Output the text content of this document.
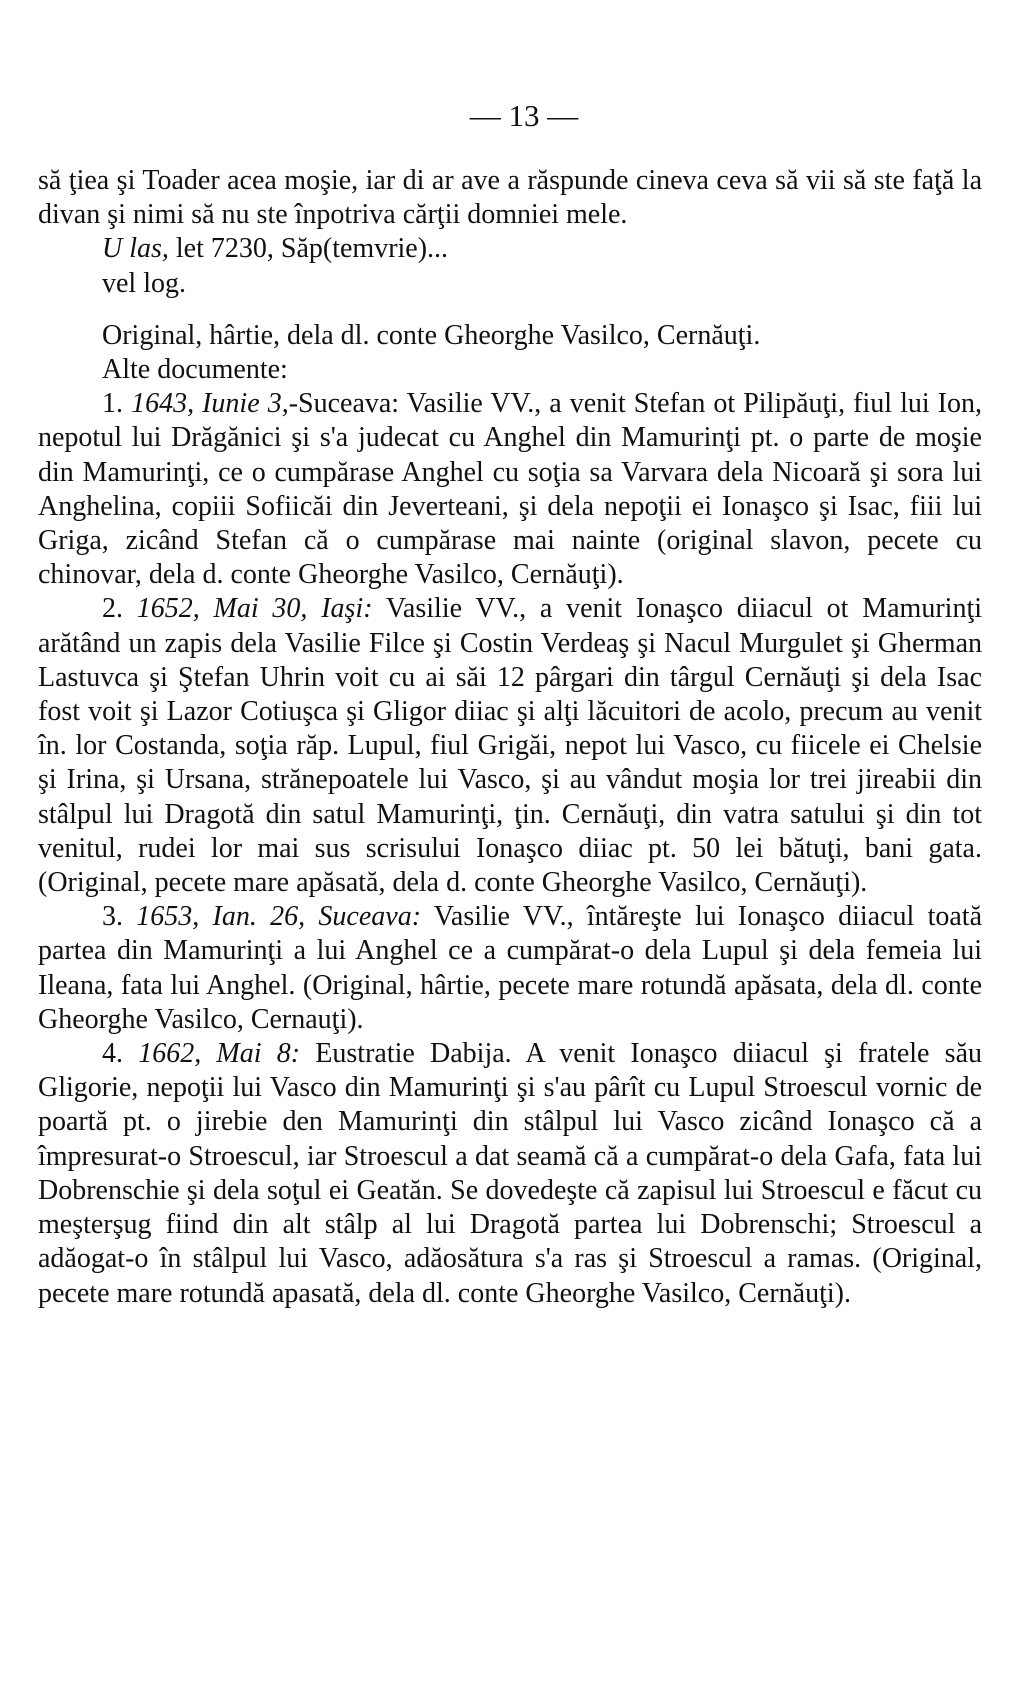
— 13 —

să ţiea şi Toader acea moşie, iar di ar ave a răspunde cineva ceva să vii să ste faţă la divan şi nimi să nu ste înpotriva cărţii domniei mele.

U las, let 7230, Săp(temvrie)...

vel log.

Original, hârtie, dela dl. conte Gheorghe Vasilco, Cernăuţi.

Alte documente:

1. 1643, Iunie 3,-Suceava: Vasilie VV., a venit Stefan ot Pilipăuţi, fiul lui Ion, nepotul lui Drăgănici şi s'a judecat cu Anghel din Mamurinţi pt. o parte de moşie din Mamurinţi, ce o cumpărase Anghel cu soţia sa Varvara dela Nicoară şi sora lui Anghelina, copiii Sofiicăi din Jeverteani, şi dela nepoţii ei Ionaşco şi Isac, fiii lui Griga, zicând Stefan că o cumpărase mai nainte (original slavon, pecete cu chinovar, dela d. conte Gheorghe Vasilco, Cernăuţi).

2. 1652, Mai 30, Iaşi: Vasilie VV., a venit Ionaşco diiacul ot Mamurinţi arătând un zapis dela Vasilie Filce şi Costin Verdeaş şi Nacul Murgulet şi Gherman Lastuvca şi Ştefan Uhrin voit cu ai săi 12 pârgari din târgul Cernăuţi şi dela Isac fost voit şi Lazor Cotiuşca şi Gligor diiac şi alţi lăcuitori de acolo, precum au venit în. lor Costanda, soţia răp. Lupul, fiul Grigăi, nepot lui Vasco, cu fiicele ei Chelsie şi Irina, şi Ursana, strănepoatele lui Vasco, şi au vândut moşia lor trei jireabii din stâlpul lui Dragotă din satul Mamurinţi, ţin. Cernăuţi, din vatra satului şi din tot venitul, rudei lor mai sus scrisului Ionaşco diiac pt. 50 lei bătuţi, bani gata. (Original, pecete mare apăsată, dela d. conte Gheorghe Vasilco, Cernăuţi).

3. 1653, Ian. 26, Suceava: Vasilie VV., întăreşte lui Ionaşco diiacul toată partea din Mamurinţi a lui Anghel ce a cumpărat-o dela Lupul şi dela femeia lui Ileana, fata lui Anghel. (Original, hârtie, pecete mare rotundă apăsata, dela dl. conte Gheorghe Vasilco, Cernauţi).

4. 1662, Mai 8: Eustratie Dabija. A venit Ionaşco diiacul şi fratele său Gligorie, nepoţii lui Vasco din Mamurinţi şi s'au pârît cu Lupul Stroescul vornic de poartă pt. o jirebie den Mamurinţi din stâlpul lui Vasco zicând Ionaşco că a împresurat-o Stroescul, iar Stroescul a dat seamă că a cumpărat-o dela Gafa, fata lui Dobrenschie şi dela soţul ei Geatăn. Se dovedeşte că zapisul lui Stroescul e făcut cu meşterşug fiind din alt stâlp al lui Dragotă partea lui Dobrenschi; Stroescul a adăogat-o în stâlpul lui Vasco, adăosătura s'a ras şi Stroescul a ramas. (Original, pecete mare rotundă apasată, dela dl. conte Gheorghe Vasilco, Cernăuţi).
